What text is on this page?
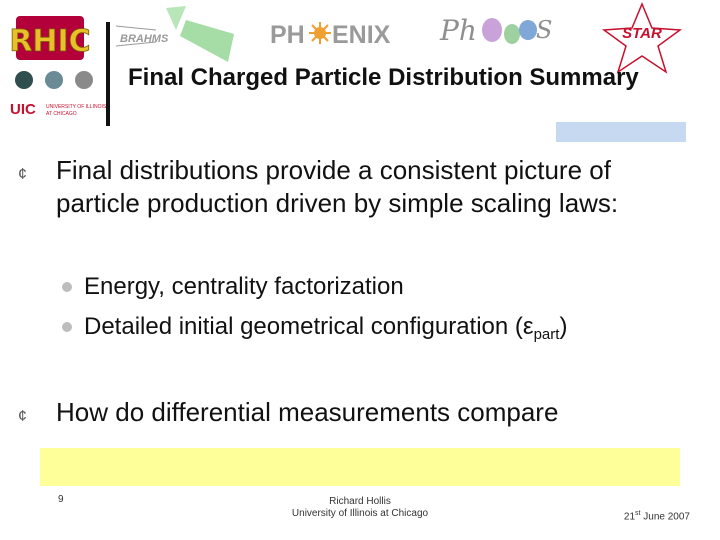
RHIC
UIC UNIVERSITY OF ILLINOIS
AT CHICAGO
BRAHMS	PH ENIX Ph S	STAR
Final Charged Particle Distribution Summary
¢ Final distributions provide a consistent picture of particle production driven by simple scaling laws:
Energy, centrality factorization
Detailed initial geometrical configuration $(\varepsilon_{part})$
¢ How do differential measurements compare
9	Richard Hollis
University of Illinois at Chicago	21st June 2007
